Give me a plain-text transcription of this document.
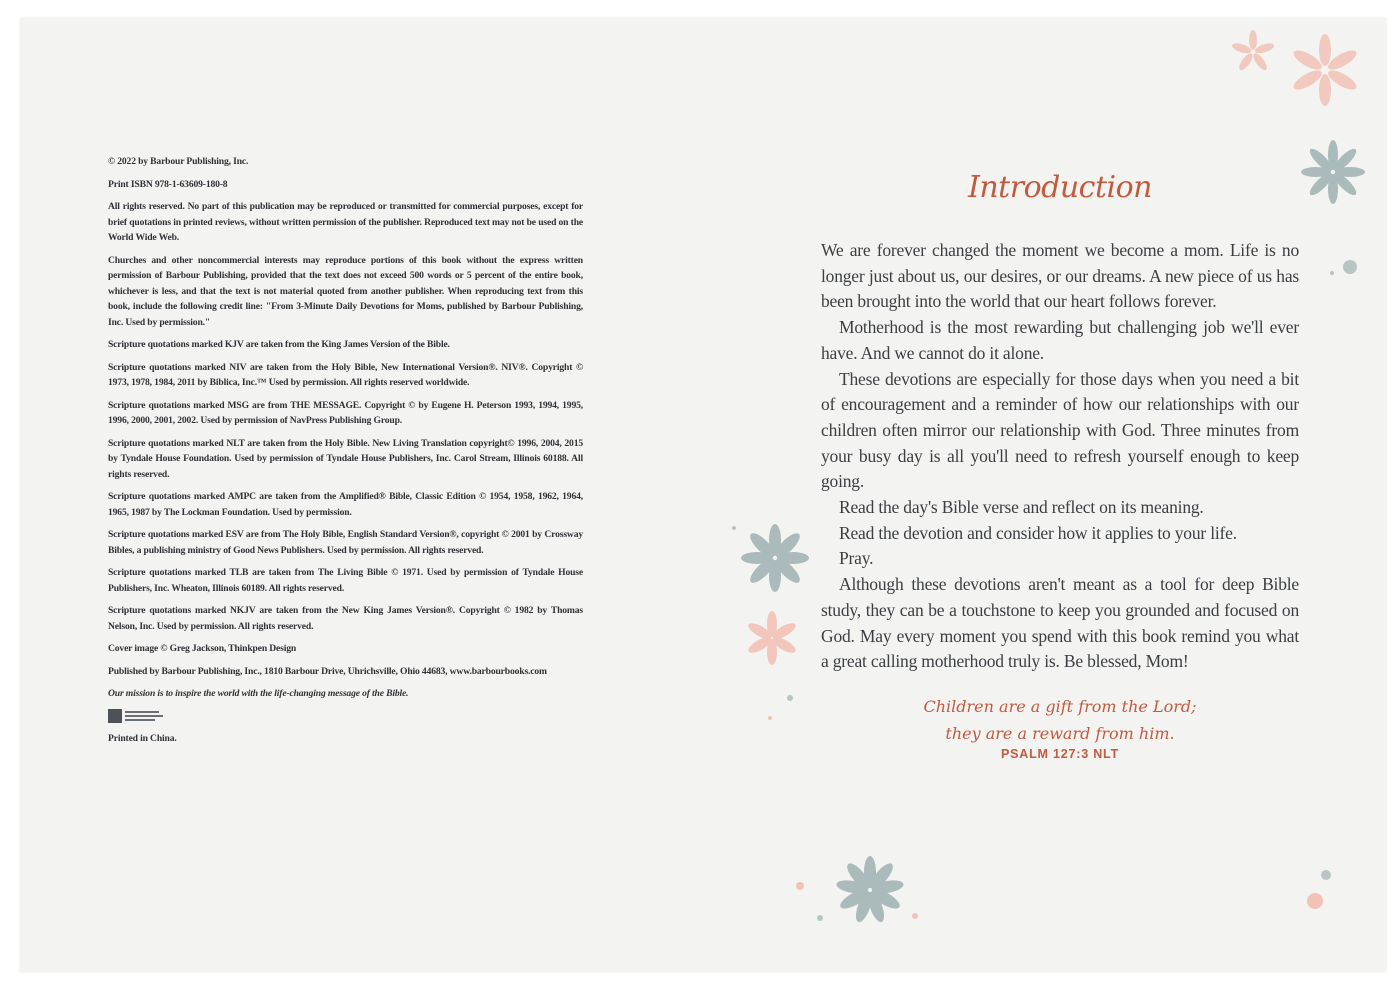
© 2022 by Barbour Publishing, Inc.

Print ISBN 978-1-63609-180-8

All rights reserved. No part of this publication may be reproduced or transmitted for commercial purposes, except for brief quotations in printed reviews, without written permission of the publisher. Reproduced text may not be used on the World Wide Web.

Churches and other noncommercial interests may reproduce portions of this book without the express written permission of Barbour Publishing, provided that the text does not exceed 500 words or 5 percent of the entire book, whichever is less, and that the text is not material quoted from another publisher. When reproducing text from this book, include the following credit line: "From 3-Minute Daily Devotions for Moms, published by Barbour Publishing, Inc. Used by permission."

Scripture quotations marked KJV are taken from the King James Version of the Bible.

Scripture quotations marked NIV are taken from the Holy Bible, New International Version®. NIV®. Copyright © 1973, 1978, 1984, 2011 by Biblica, Inc.™ Used by permission. All rights reserved worldwide.

Scripture quotations marked MSG are from THE MESSAGE. Copyright © by Eugene H. Peterson 1993, 1994, 1995, 1996, 2000, 2001, 2002. Used by permission of NavPress Publishing Group.

Scripture quotations marked NLT are taken from the Holy Bible. New Living Translation copyright© 1996, 2004, 2015 by Tyndale House Foundation. Used by permission of Tyndale House Publishers, Inc. Carol Stream, Illinois 60188. All rights reserved.

Scripture quotations marked AMPC are taken from the Amplified® Bible, Classic Edition © 1954, 1958, 1962, 1964, 1965, 1987 by The Lockman Foundation. Used by permission.

Scripture quotations marked ESV are from The Holy Bible, English Standard Version®, copyright © 2001 by Crossway Bibles, a publishing ministry of Good News Publishers. Used by permission. All rights reserved.

Scripture quotations marked TLB are taken from The Living Bible © 1971. Used by permission of Tyndale House Publishers, Inc. Wheaton, Illinois 60189. All rights reserved.

Scripture quotations marked NKJV are taken from the New King James Version®. Copyright © 1982 by Thomas Nelson, Inc. Used by permission. All rights reserved.

Cover image © Greg Jackson, Thinkpen Design

Published by Barbour Publishing, Inc., 1810 Barbour Drive, Uhrichsville, Ohio 44683, www.barbourbooks.com

Our mission is to inspire the world with the life-changing message of the Bible.

Printed in China.

Introduction

We are forever changed the moment we become a mom. Life is no longer just about us, our desires, or our dreams. A new piece of us has been brought into the world that our heart follows forever.

Motherhood is the most rewarding but challenging job we'll ever have. And we cannot do it alone.

These devotions are especially for those days when you need a bit of encouragement and a reminder of how our relationships with our children often mirror our relationship with God. Three minutes from your busy day is all you'll need to refresh yourself enough to keep going.

Read the day's Bible verse and reflect on its meaning.

Read the devotion and consider how it applies to your life.

Pray.

Although these devotions aren't meant as a tool for deep Bible study, they can be a touchstone to keep you grounded and focused on God. May every moment you spend with this book remind you what a great calling motherhood truly is. Be blessed, Mom!

Children are a gift from the Lord;
they are a reward from him.
PSALM 127:3 NLT
